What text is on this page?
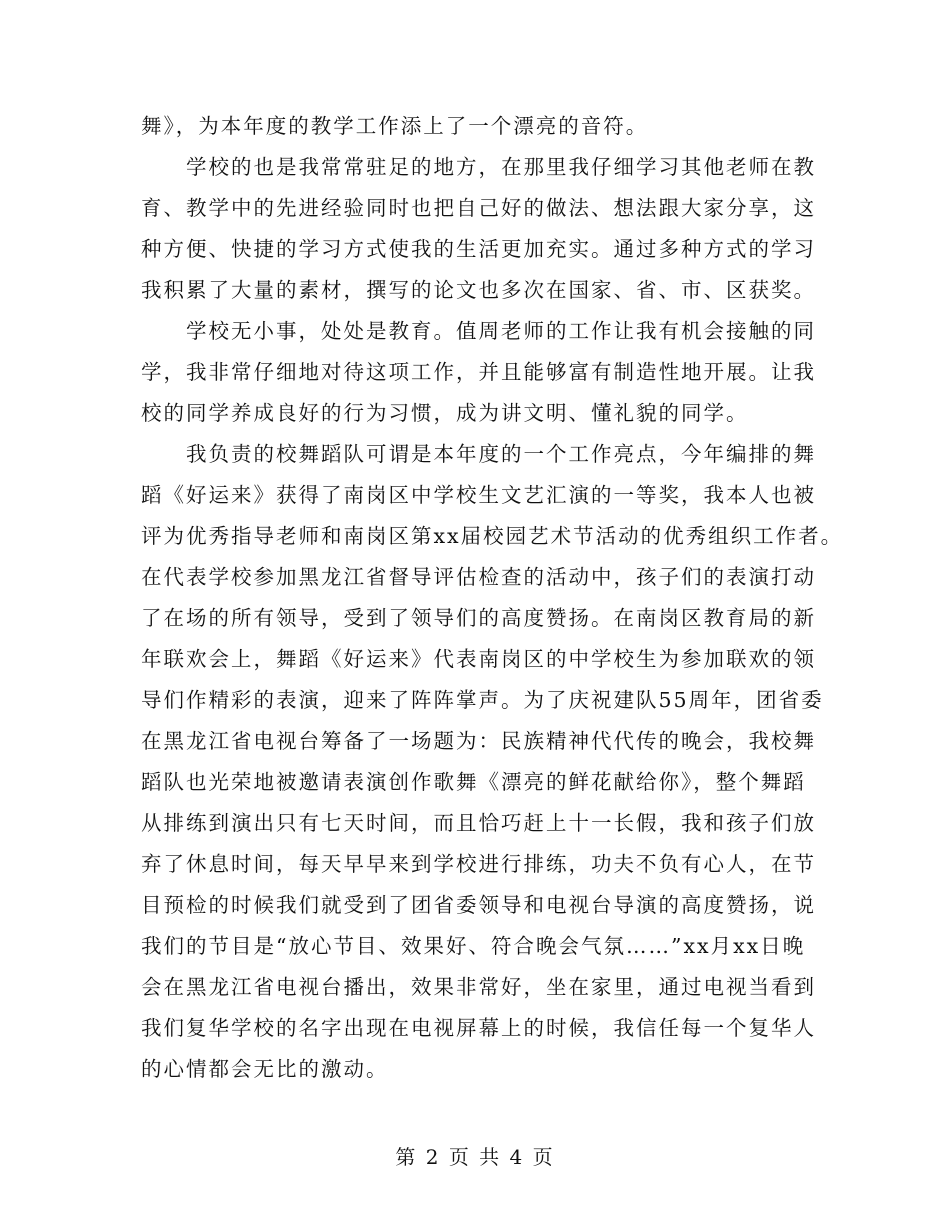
舞》，为本年度的教学工作添上了一个漂亮的音符。
　　学校的也是我常常驻足的地方，在那里我仔细学习其他老师在教
育、教学中的先进经验同时也把自己好的做法、想法跟大家分享，这
种方便、快捷的学习方式使我的生活更加充实。通过多种方式的学习
我积累了大量的素材，撰写的论文也多次在国家、省、市、区获奖。
　　学校无小事，处处是教育。值周老师的工作让我有机会接触的同
学，我非常仔细地对待这项工作，并且能够富有制造性地开展。让我
校的同学养成良好的行为习惯，成为讲文明、懂礼貌的同学。
　　我负责的校舞蹈队可谓是本年度的一个工作亮点，今年编排的舞
蹈《好运来》获得了南岗区中学校生文艺汇演的一等奖，我本人也被
评为优秀指导老师和南岗区第xx届校园艺术节活动的优秀组织工作者。
在代表学校参加黑龙江省督导评估检查的活动中，孩子们的表演打动
了在场的所有领导，受到了领导们的高度赞扬。在南岗区教育局的新
年联欢会上，舞蹈《好运来》代表南岗区的中学校生为参加联欢的领
导们作精彩的表演，迎来了阵阵掌声。为了庆祝建队55周年，团省委
在黑龙江省电视台筹备了一场题为：民族精神代代传的晚会，我校舞
蹈队也光荣地被邀请表演创作歌舞《漂亮的鲜花献给你》，整个舞蹈
从排练到演出只有七天时间，而且恰巧赶上十一长假，我和孩子们放
弃了休息时间，每天早早来到学校进行排练，功夫不负有心人，在节
目预检的时候我们就受到了团省委领导和电视台导演的高度赞扬，说
我们的节目是“放心节目、效果好、符合晚会气氛……”xx月xx日晚
会在黑龙江省电视台播出，效果非常好，坐在家里，通过电视当看到
我们复华学校的名字出现在电视屏幕上的时候，我信任每一个复华人
的心情都会无比的激动。
第 2 页 共 4 页
